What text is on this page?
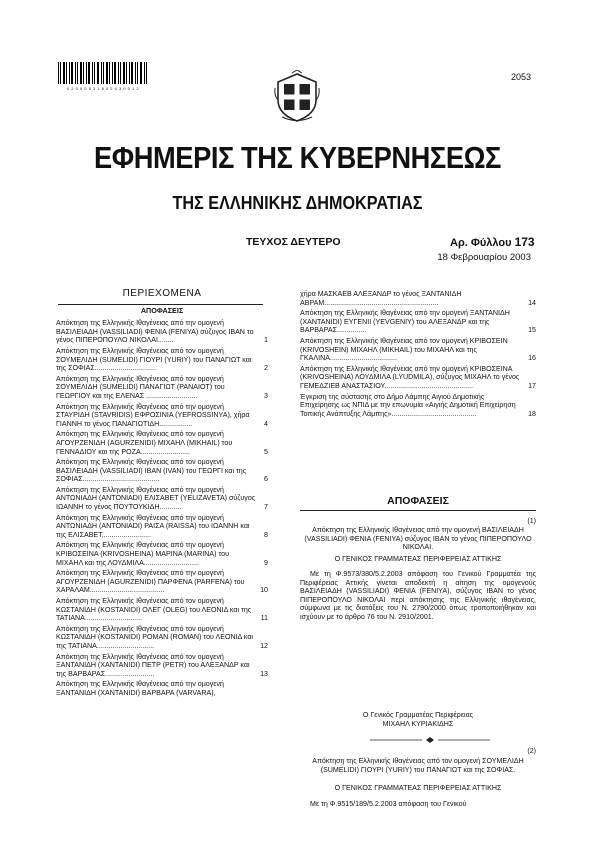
0 2 0 0 0 5 3 1 8 0 2 0 3 0 0 1 2
2053
ΕΦΗΜΕΡΙΣ ΤΗΣ ΚΥΒΕΡΝΗΣΕΩΣ
ΤΗΣ ΕΛΛΗΝΙΚΗΣ ΔΗΜΟΚΡΑΤΙΑΣ
ΤΕΥΧΟΣ ΔΕΥΤΕΡΟ	Αρ. Φύλλου 173
18 Φεβρουαρίου 2003
ΠΕΡΙΕΧΟΜΕΝΑ
ΑΠΟΦΑΣΕΙΣ
Απόκτηση της Ελληνικής Ιθαγένειας από την ομογενή ΒΑΣΙΛΕΙΑΔΗ (VASSILIADI) ΦΕΝΙΑ (FENIYA) σύζυγος ΙΒΑΝ το γένος ΠΙΠΕΡΟΠΟΥΛΟ ΝΙΚΟΛΑΙ........	1
Απόκτηση της Ελληνικής Ιθαγένειας από τον ομογενή ΣΟΥΜΕΛΙΔΗ (SUMELIDI) ΓΙΟΥΡΙ (YURIY) του ΠΑΝΑΓΙΩΤ και της ΣΟΦΙΑΣ...............................	2
Απόκτηση της Ελληνικής Ιθαγένειας από τον ομογενή ΣΟΥΜΕΛΙΔΗ (SUMELIDI) ΠΑΝΑΓΙΩΤ (PANAIOT) του ΓΕΩΡΓΙΟΥ και της ΕΛΕΝΑΣ ..........................	3
Απόκτηση της Ελληνικής Ιθαγένειας από την ομογενή ΣΤΑΥΡΙΔΗ (STAVRIDIS) ΕΦΡΟΣΙΝΙΑ (YEFROSSINYA), χήρα ΓΙΑΝΝΗ το γένος ΠΑΝΑΓΙΩΤΙΔΗ.................	4
Απόκτηση της Ελληνικής Ιθαγένειας από τον ομογενή ΑΓΟΥΡΖΕΝΙΔΗ (AGURZENIDI) ΜΙΧΑΗΛ (MIKHAIL) του ΓΕΝΝΑΔΙΟΥ και της ΡΟΖΑ.........................	5
Απόκτηση της Ελληνικής Ιθαγένειας από τον ομογενή ΒΑΣΙΛΕΙΑΔΗ (VASSILIADI) ΙΒΑΝ (IVAN) του ΓΕΩΡΓΙ και της ΣΟΦΙΑΣ.......................................	6
Απόκτηση της Ελληνικής Ιθαγένειας από την ομογενή ΑΝΤΩΝΙΑΔΗ (ANTONIADI) ΕΛΙΣΑΒΕΤ (YELIZAVETA) σύζυγος ΙΩΑΝΝΗ το γένος ΠΟΥΤΟΥΚΙΔΗ...........	7
Απόκτηση της Ελληνικής Ιθαγένειας από την ομογενή ΑΝΤΩΝΙΑΔΗ (ANTONIADI) ΡΑΙΣΑ (RAISSA) του ΙΩΑΝΝΗ και της ΕΛΙΣΑΒΕΤ.........................	8
Απόκτηση της Ελληνικής Ιθαγένειας από την ομογενή ΚΡΙΒΟΣΕΙΝΑ (KRIVOSHEINA) ΜΑΡΙΝΑ (MARINA) του ΜΙΧΑΗΛ και της ΛΟΥΔΜΙΛΑ............................	9
Απόκτηση της Ελληνικής Ιθαγένειας από την ομογενή ΑΓΟΥΡΖΕΝΙΔΗ (AGURZENIDI) ΠΑΡΦΕΝΑ (PARFENA) του ΧΑΡΑΛΑΜ......................................	10
Απόκτηση της Ελληνικής Ιθαγένειας από τον ομογενή ΚΩΣΤΑΝΙΔΗ (KOSTANIDI) ΟΛΕΓ (OLEG) του ΛΕΟΝΙΔ και της ΤΑΤΙΑΝΑ.............................	11
Απόκτηση της Ελληνικής Ιθαγένειας από τον ομογενή ΚΩΣΤΑΝΙΔΗ (KOSTANIDI) ΡΟΜΑΝ (ROMAN) του ΛΕΟΝΙΔ και της ΤΑΤΙΑΝΑ.............................	12
Απόκτηση της Ελληνικής Ιθαγένειας από τον ομογενή ΞΑΝΤΑΝΙΔΗ (XANTANIDI) ΠΕΤΡ (PETR) του ΑΛΕΞΑΝΔΡ και της ΒΑΡΒΑΡΑΣ.........................	13
Απόκτηση της Ελληνικής Ιθαγένειας από την ομογενή ΞΑΝΤΑΝΙΔΗ (XANTANIDI) ΒΑΡΒΑΡΑ (VARVARA),
χήρα ΜΑΣΚΑΕΒ ΑΛΕΞΑΝΔΡ το γένος ΞΑΝΤΑΝΙΔΗ ΑΒΡΑΜ..........................................................	14
Απόκτηση της Ελληνικής Ιθαγένειας από την ομογενή ΞΑΝΤΑΝΙΔΗ (XANTANIDI) ΕΥΓΕΝΙΙ (YEVGENIY) του ΑΛΕΞΑΝΔΡ και της ΒΑΡΒΑΡΑΣ...............	15
Απόκτηση της Ελληνικής Ιθαγένειας από τον ομογενή ΚΡΙΒΟΣΕΙΝ (KRIVOSHEIN) ΜΙΧΑΗΛ (MIKHAIL) του ΜΙΧΑΗΛ και της ΓΚΑΛΙΝΑ..................................	16
Απόκτηση της Ελληνικής Ιθαγένειας από την ομογενή ΚΡΙΒΟΣΕΙΝΑ (KRIVOSHEINA) ΛΟΥΔΜΙΛΑ (LYUDMILA), σύζυγος ΜΙΧΑΗΛ το γένος ΓΕΜΕΔΖΙΕΒ ΑΝΑΣΤΑΣΙΟΥ.............................................	17
Έγκριση της σύστασης στο Δήμο Λάμπης Αιγιού Δημοτικής Επιχείρησης ως ΝΠΙΔ με την επωνυμία «Αιγιής Δημοτική Επιχείρηση Τοπικής Ανάπτυξης Λάμπης»...........................................	18
ΑΠΟΦΑΣΕΙΣ
(1)
Απόκτηση της Ελληνικής Ιθαγένειας από την ομογενή ΒΑΣΙΛΕΙΑΔΗ (VASSILIADI) ΦΕΝΙΑ (FENIYA) σύζυγος ΙΒΑΝ το γένος ΠΙΠΕΡΟΠΟΥΛΟ ΝΙΚΟΛΑΙ.
Ο ΓΕΝΙΚΟΣ ΓΡΑΜΜΑΤΕΑΣ ΠΕΡΙΦΕΡΕΙΑΣ ΑΤΤΙΚΗΣ
Με τη Φ.9573/380/5.2.2003 απόφαση του Γενικού Γραμματέα της Περιφέρειας Αττικής γίνεται αποδεκτή η αίτηση της ομογενούς ΒΑΣΙΛΕΙΑΔΗ (VASSILIADI) ΦΕΝΙΑ (FENIYA), σύζυγος ΙΒΑΝ το γένος ΠΙΠΕΡΟΠΟΥΛΟ ΝΙΚΟΛΑΙ περί απόκτησης της Ελληνικής ιθαγένειας, σύμφωνα με τις διατάξεις του Ν. 2790/2000 όπως τροποποιήθηκαν και ισχύουν με το άρθρο 76 του Ν. 2910/2001.
Ο Γενικός Γραμματέας Περιφέρειας
ΜΙΧΑΗΛ ΚΥΡΙΑΚΙΔΗΣ
(2)
Απόκτηση της Ελληνικής Ιθαγένειας από τον ομογενή ΣΟΥΜΕΛΙΔΗ (SUMELIDI) ΓΙΟΥΡΙ (YURIY) του ΠΑΝΑΓΙΩΤ και της ΣΟΦΙΑΣ.
Ο ΓΕΝΙΚΟΣ ΓΡΑΜΜΑΤΕΑΣ ΠΕΡΙΦΕΡΕΙΑΣ ΑΤΤΙΚΗΣ
Με τη Φ.9515/189/5.2.2003 απόφαση του Γενικού
